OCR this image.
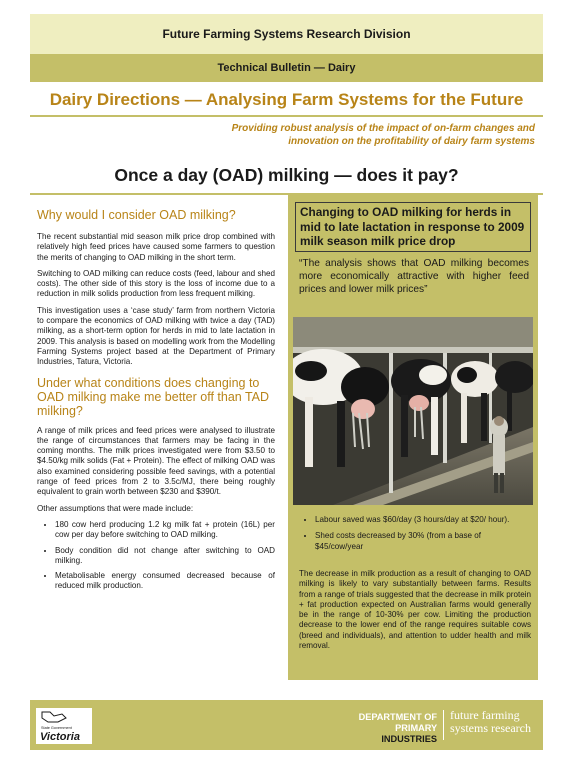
Future Farming Systems Research Division
Technical Bulletin — Dairy
Dairy Directions — Analysing Farm Systems for the Future
Providing robust analysis of the impact of on-farm changes and
innovation on the profitability of dairy farm systems
Once a day (OAD) milking — does it pay?
Why would I consider OAD milking?

The recent substantial mid season milk price drop combined with relatively high feed prices have caused some farmers to question the merits of changing to OAD milking in the short term.

Switching to OAD milking can reduce costs (feed, labour and shed costs). The other side of this story is the loss of income due to a reduction in milk solids production from less frequent milking.

This investigation uses a ‘case study’ farm from northern Victoria to compare the economics of OAD milking with twice a day (TAD) milking, as a short-term option for herds in mid to late lactation in 2009. This analysis is based on modelling work from the Modelling Farming Systems project based at the Department of Primary Industries, Tatura, Victoria.

Under what conditions does changing to OAD milking make me better off than TAD milking?

A range of milk prices and feed prices were analysed to illustrate the range of circumstances that farmers may be facing in the coming months. The milk prices investigated were from $3.50 to $4.50/kg milk solids (Fat + Protein). The effect of milking OAD was also examined considering possible feed savings, with a potential range of feed prices from 2 to 3.5c/MJ, there being roughly equivalent to grain worth between $230 and $390/t.

Other assumptions that were made include:

• 180 cow herd producing 1.2 kg milk fat + protein (16L) per cow per day before switching to OAD milking.
• Body condition did not change after switching to OAD milking.
• Metabolisable energy consumed decreased because of reduced milk production.
Changing to OAD milking for herds in mid to late lactation in response to 2009 milk season milk price drop
“The analysis shows that OAD milking becomes more economically attractive with higher feed prices and lower milk prices”
• Labour saved was $60/day (3 hours/day at $20/ hour).
• Shed costs decreased by 30% (from a base of $45/cow/year
The decrease in milk production as a result of changing to OAD milking is likely to vary substantially between farms. Results from a range of trials suggested that the decrease in milk protein + fat production expected on Australian farms would generally be in the range of 10-30% per cow. Limiting the production decrease to the lower end of the range requires suitable cows (breed and individuals), and attention to udder health and milk removal.
State Government
Victoria
DEPARTMENT OF
PRIMARY INDUSTRIES
future farming
systems research
